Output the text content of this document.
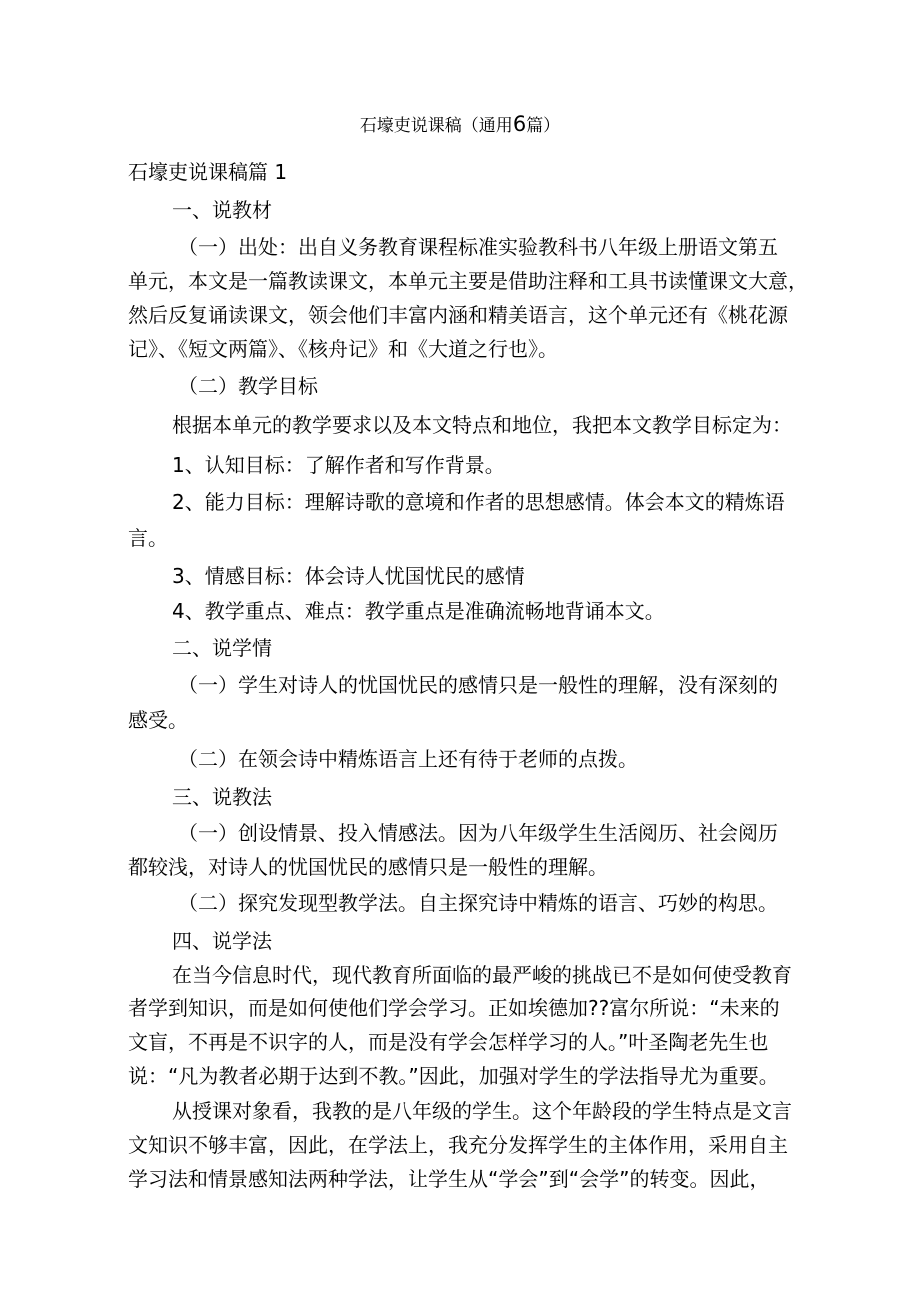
石壕吏说课稿（通用6篇）
石壕吏说课稿篇 1
一、说教材
（一）出处：出自义务教育课程标准实验教科书八年级上册语文第五
单元，本文是一篇教读课文，本单元主要是借助注释和工具书读懂课文大意，
然后反复诵读课文，领会他们丰富内涵和精美语言，这个单元还有《桃花源
记》、《短文两篇》、《核舟记》和《大道之行也》。
（二）教学目标
根据本单元的教学要求以及本文特点和地位，我把本文教学目标定为：
1、认知目标：了解作者和写作背景。
2、能力目标：理解诗歌的意境和作者的思想感情。体会本文的精炼语
言。
3、情感目标：体会诗人忧国忧民的感情
4、教学重点、难点：教学重点是准确流畅地背诵本文。
二、说学情
（一）学生对诗人的忧国忧民的感情只是一般性的理解，没有深刻的
感受。
（二）在领会诗中精炼语言上还有待于老师的点拨。
三、说教法
（一）创设情景、投入情感法。因为八年级学生生活阅历、社会阅历
都较浅，对诗人的忧国忧民的感情只是一般性的理解。
（二）探究发现型教学法。自主探究诗中精炼的语言、巧妙的构思。
四、说学法
在当今信息时代，现代教育所面临的最严峻的挑战已不是如何使受教育
者学到知识，而是如何使他们学会学习。正如埃德加??富尔所说：“未来的
文盲，不再是不识字的人，而是没有学会怎样学习的人。”叶圣陶老先生也
说：“凡为教者必期于达到不教。”因此，加强对学生的学法指导尤为重要。
从授课对象看，我教的是八年级的学生。这个年龄段的学生特点是文言
文知识不够丰富，因此，在学法上，我充分发挥学生的主体作用，采用自主
学习法和情景感知法两种学法，让学生从“学会”到“会学”的转变。因此，
